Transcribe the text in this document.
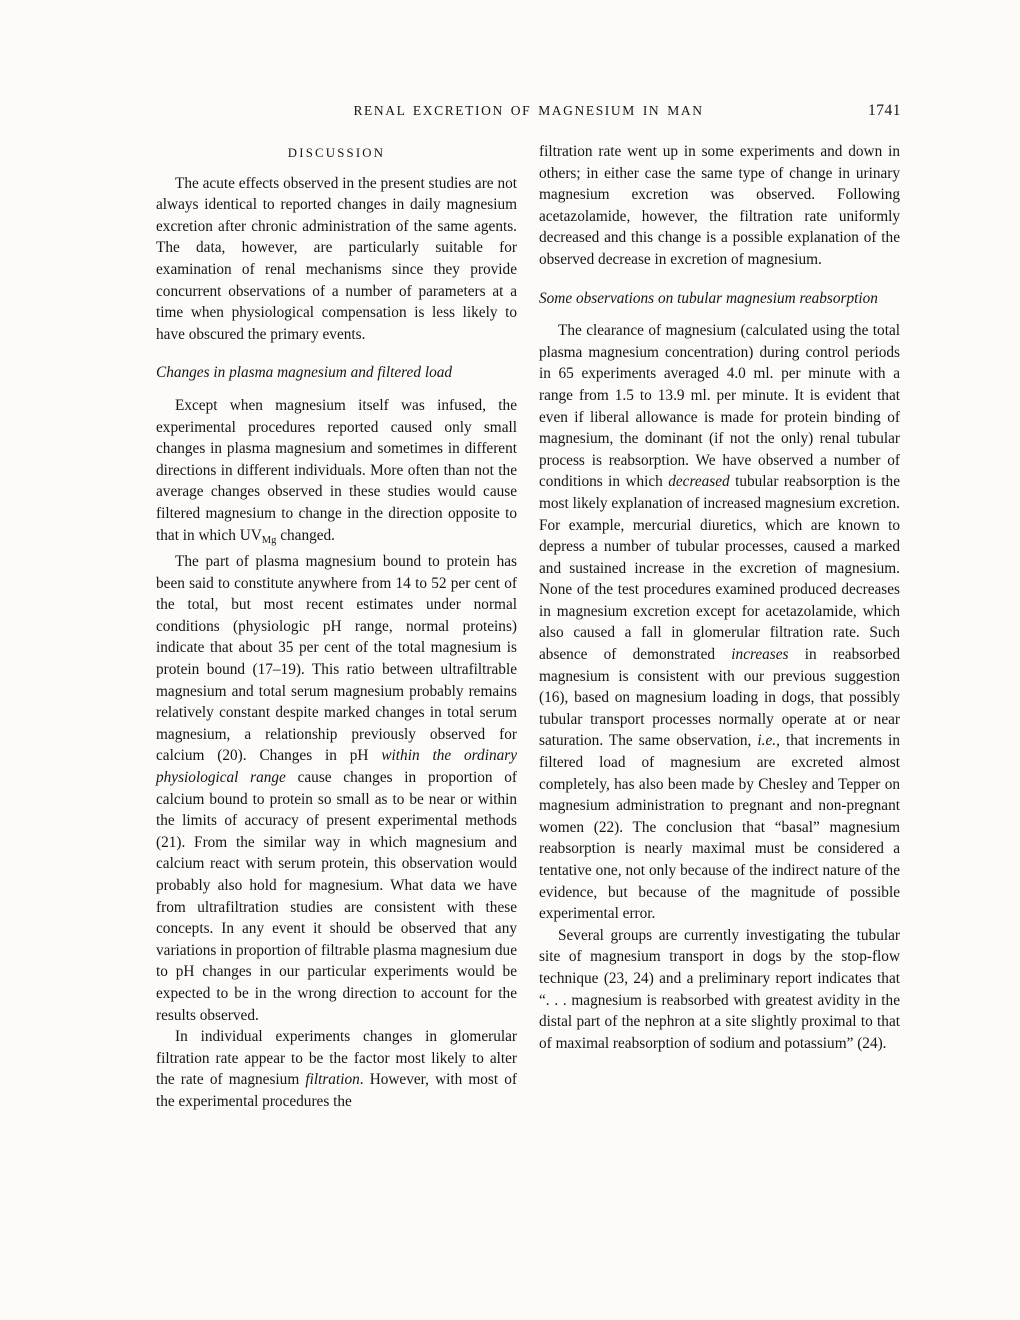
RENAL EXCRETION OF MAGNESIUM IN MAN	1741
DISCUSSION

The acute effects observed in the present studies are not always identical to reported changes in daily magnesium excretion after chronic administration of the same agents. The data, however, are particularly suitable for examination of renal mechanisms since they provide concurrent observations of a number of parameters at a time when physiological compensation is less likely to have obscured the primary events.

Changes in plasma magnesium and filtered load

Except when magnesium itself was infused, the experimental procedures reported caused only small changes in plasma magnesium and sometimes in different directions in different individuals. More often than not the average changes observed in these studies would cause filtered magnesium to change in the direction opposite to that in which $UV_{Mg}$ changed.

The part of plasma magnesium bound to protein has been said to constitute anywhere from 14 to 52 per cent of the total, but most recent estimates under normal conditions (physiologic pH range, normal proteins) indicate that about 35 per cent of the total magnesium is protein bound (17–19). This ratio between ultrafiltrable magnesium and total serum magnesium probably remains relatively constant despite marked changes in total serum magnesium, a relationship previously observed for calcium (20). Changes in pH within the ordinary physiological range cause changes in proportion of calcium bound to protein so small as to be near or within the limits of accuracy of present experimental methods (21). From the similar way in which magnesium and calcium react with serum protein, this observation would probably also hold for magnesium. What data we have from ultrafiltration studies are consistent with these concepts. In any event it should be observed that any variations in proportion of filtrable plasma magnesium due to pH changes in our particular experiments would be expected to be in the wrong direction to account for the results observed.

In individual experiments changes in glomerular filtration rate appear to be the factor most likely to alter the rate of magnesium filtration. However, with most of the experimental procedures the

filtration rate went up in some experiments and down in others; in either case the same type of change in urinary magnesium excretion was observed. Following acetazolamide, however, the filtration rate uniformly decreased and this change is a possible explanation of the observed decrease in excretion of magnesium.

Some observations on tubular magnesium reabsorption

The clearance of magnesium (calculated using the total plasma magnesium concentration) during control periods in 65 experiments averaged 4.0 ml. per minute with a range from 1.5 to 13.9 ml. per minute. It is evident that even if liberal allowance is made for protein binding of magnesium, the dominant (if not the only) renal tubular process is reabsorption. We have observed a number of conditions in which decreased tubular reabsorption is the most likely explanation of increased magnesium excretion. For example, mercurial diuretics, which are known to depress a number of tubular processes, caused a marked and sustained increase in the excretion of magnesium. None of the test procedures examined produced decreases in magnesium excretion except for acetazolamide, which also caused a fall in glomerular filtration rate. Such absence of demonstrated increases in reabsorbed magnesium is consistent with our previous suggestion (16), based on magnesium loading in dogs, that possibly tubular transport processes normally operate at or near saturation. The same observation, i.e., that increments in filtered load of magnesium are excreted almost completely, has also been made by Chesley and Tepper on magnesium administration to pregnant and non-pregnant women (22). The conclusion that “basal” magnesium reabsorption is nearly maximal must be considered a tentative one, not only because of the indirect nature of the evidence, but because of the magnitude of possible experimental error.

Several groups are currently investigating the tubular site of magnesium transport in dogs by the stop-flow technique (23, 24) and a preliminary report indicates that “. . . magnesium is reabsorbed with greatest avidity in the distal part of the nephron at a site slightly proximal to that of maximal reabsorption of sodium and potassium” (24).
